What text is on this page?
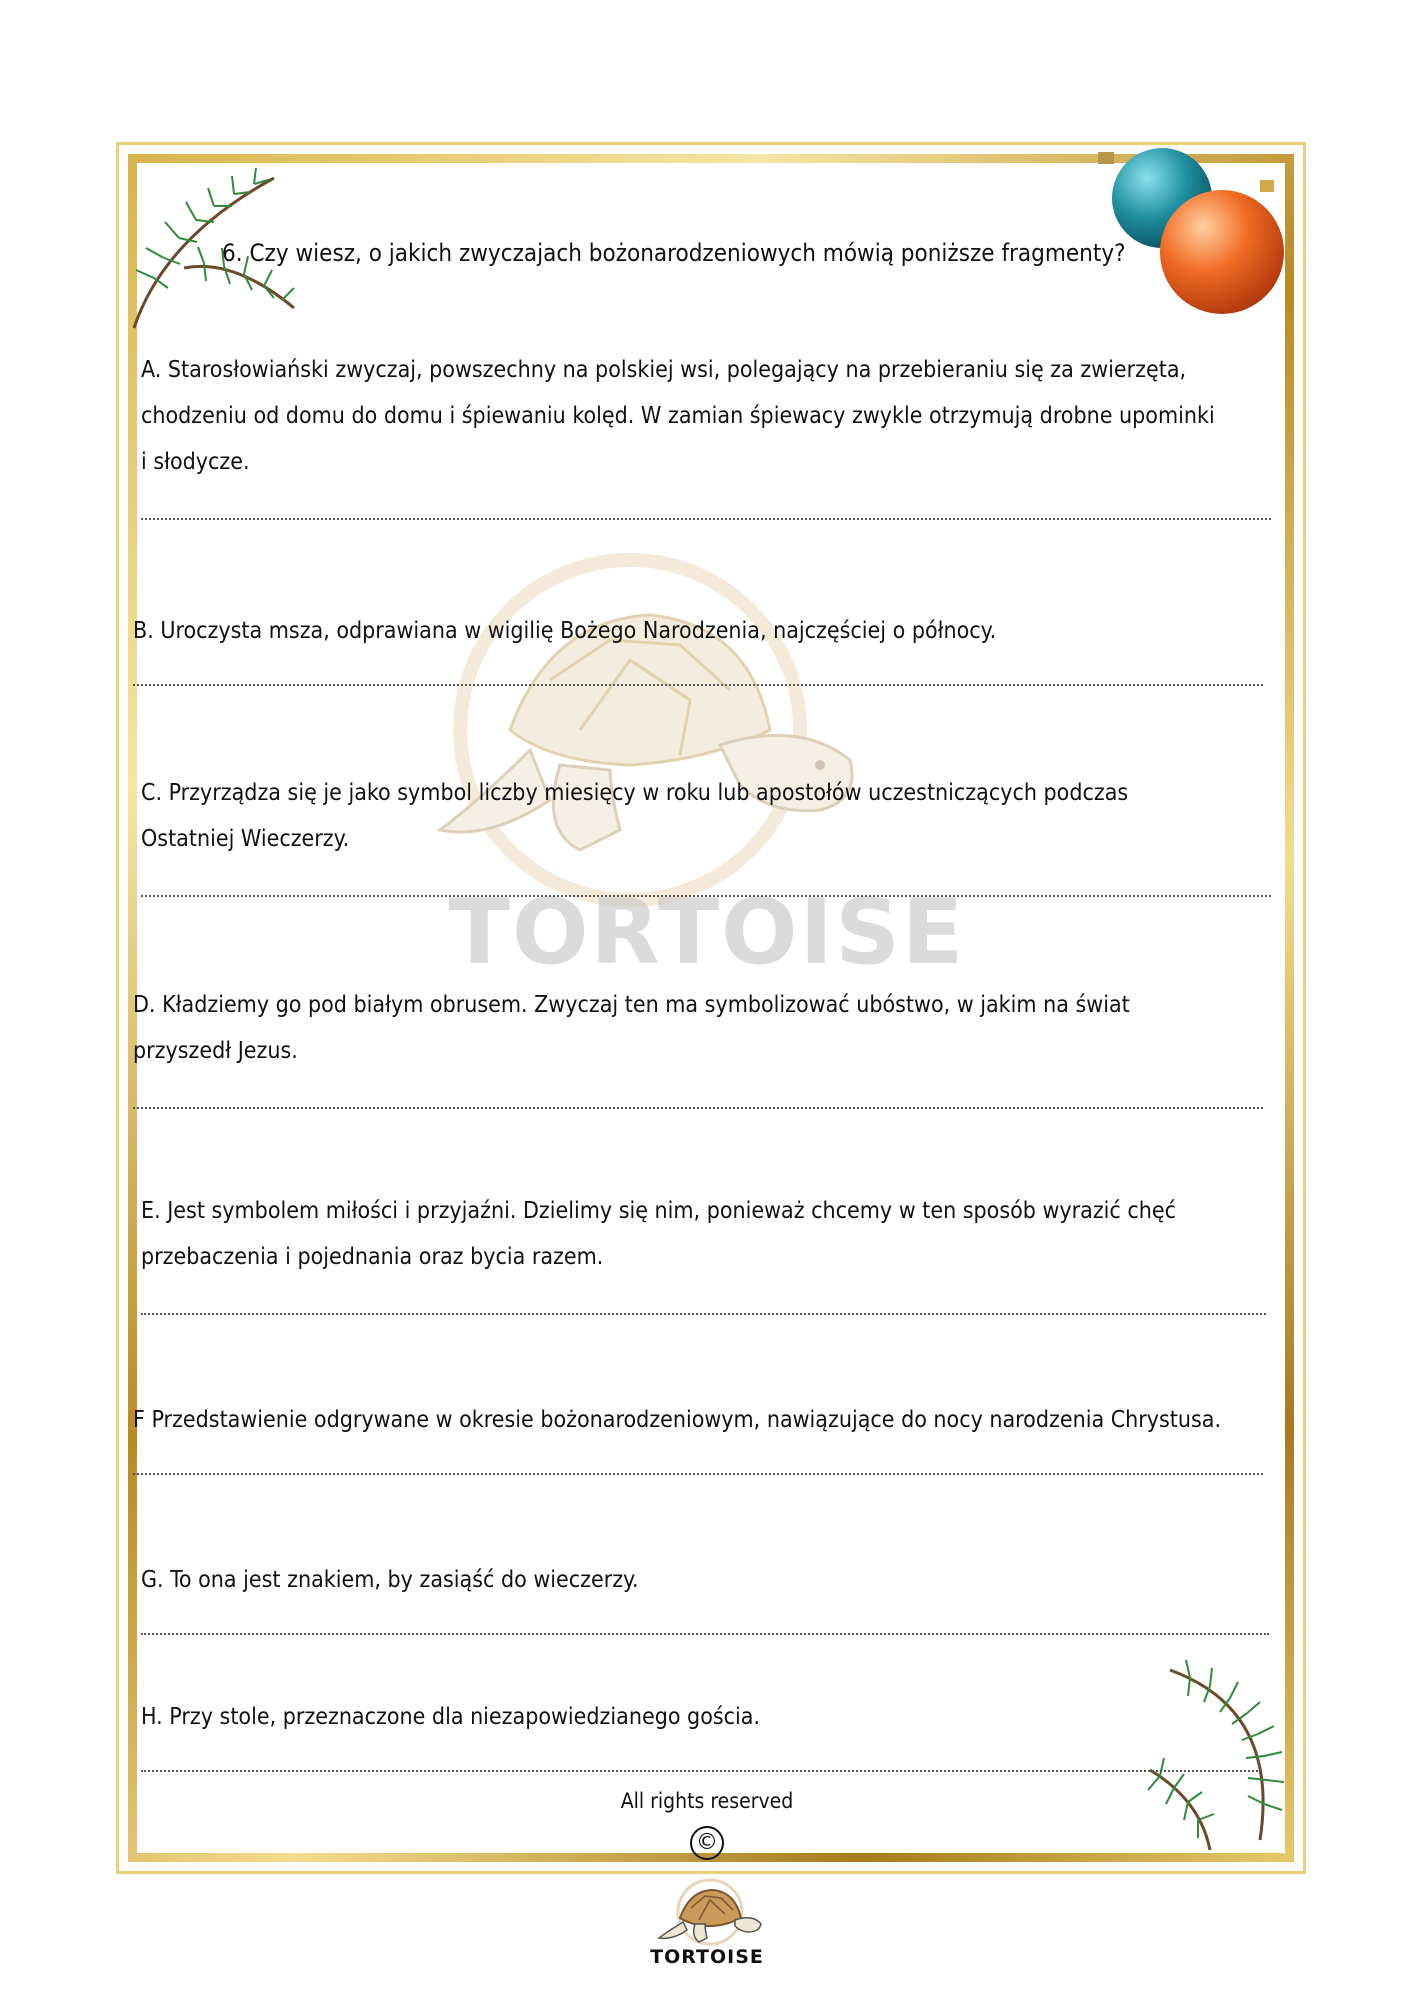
TORTOISE
6. Czy wiesz, o jakich zwyczajach bożonarodzeniowych mówią poniższe fragmenty?
A. Starosłowiański zwyczaj, powszechny na polskiej wsi, polegający na przebieraniu się za zwierzęta,
chodzeniu od domu do domu i śpiewaniu kolęd. W zamian śpiewacy zwykle otrzymują drobne upominki
i słodycze.
B. Uroczysta msza, odprawiana w wigilię Bożego Narodzenia, najczęściej o północy.
C. Przyrządza się je jako symbol liczby miesięcy w roku lub apostołów uczestniczących podczas
Ostatniej Wieczerzy.
D. Kładziemy go pod białym obrusem. Zwyczaj ten ma symbolizować ubóstwo, w jakim na świat
przyszedł Jezus.
E. Jest symbolem miłości i przyjaźni. Dzielimy się nim, ponieważ chcemy w ten sposób wyrazić chęć
przebaczenia i pojednania oraz bycia razem.
F Przedstawienie odgrywane w okresie bożonarodzeniowym, nawiązujące do nocy narodzenia Chrystusa.
G. To ona jest znakiem, by zasiąść do wieczerzy.
H. Przy stole, przeznaczone dla niezapowiedzianego gościa.
All rights reserved
©
TORTOISE
